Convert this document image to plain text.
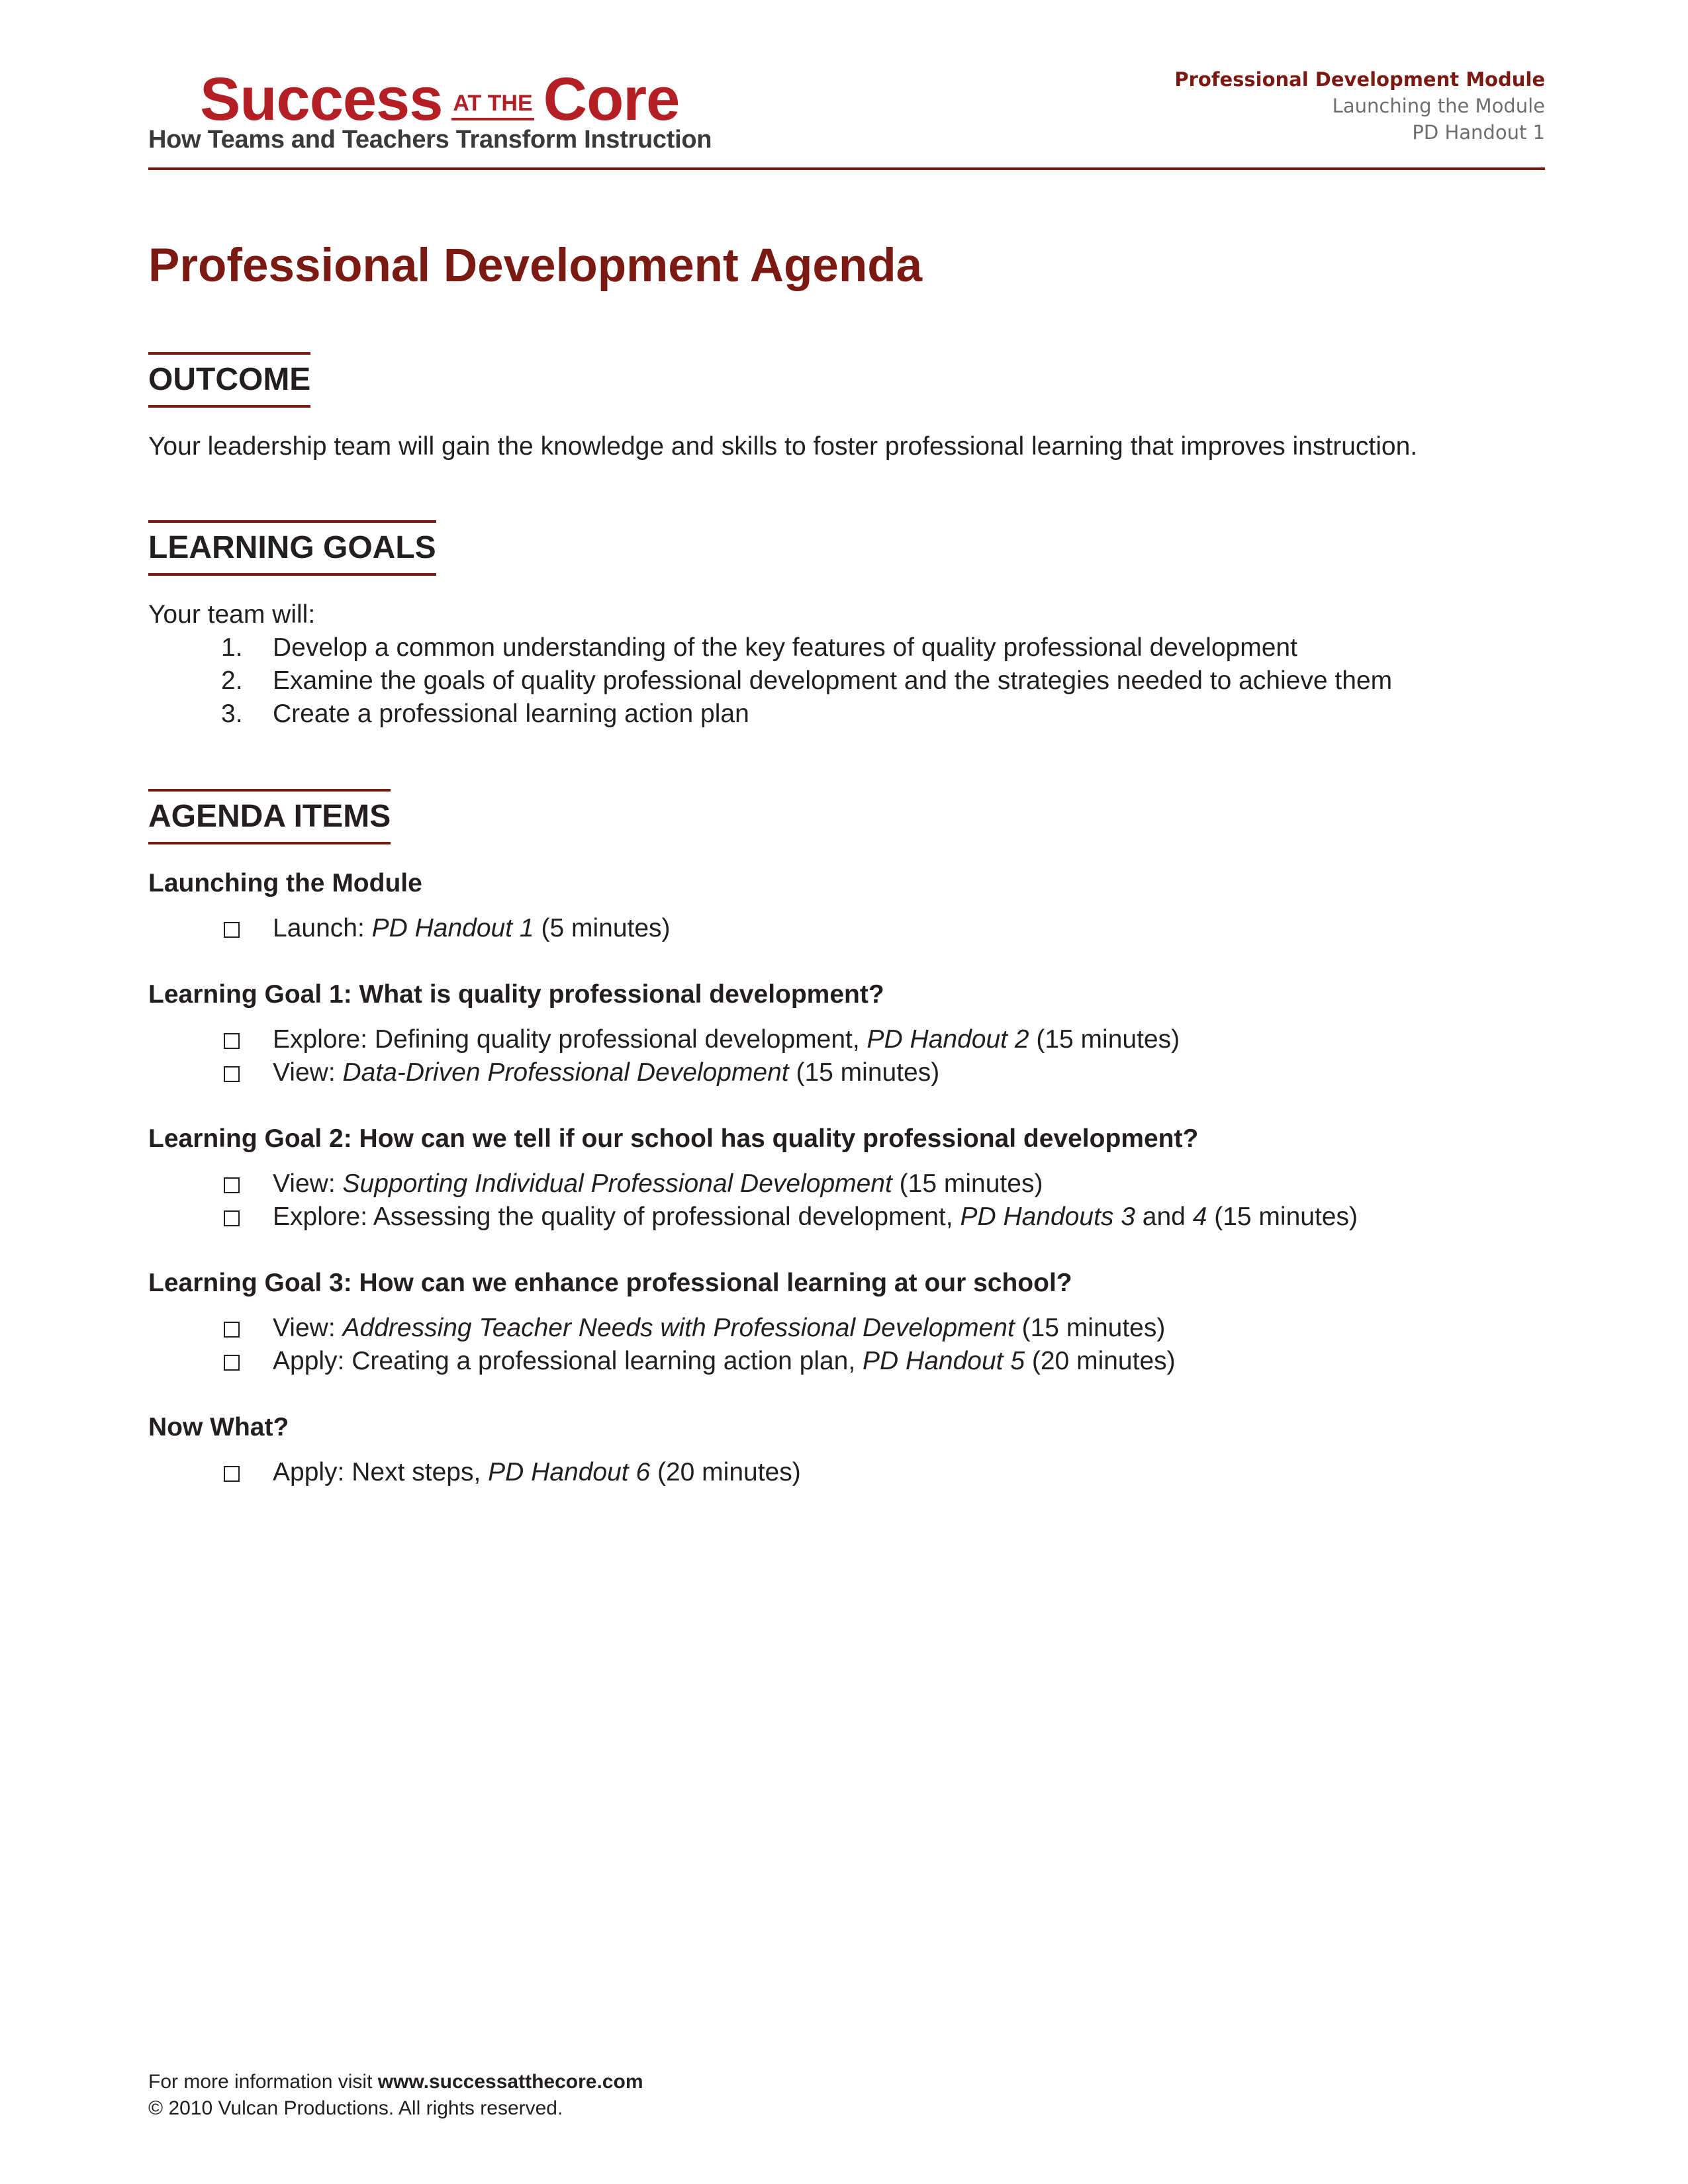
Success AT THE Core
How Teams and Teachers Transform Instruction
Professional Development Module
Launching the Module
PD Handout 1
Professional Development Agenda
OUTCOME
Your leadership team will gain the knowledge and skills to foster professional learning that improves instruction.
LEARNING GOALS
Your team will:
1.	Develop a common understanding of the key features of quality professional development
2.	Examine the goals of quality professional development and the strategies needed to achieve them
3.	Create a professional learning action plan
AGENDA ITEMS
Launching the Module
Launch: PD Handout 1 (5 minutes)
Learning Goal 1: What is quality professional development?
Explore: Defining quality professional development, PD Handout 2 (15 minutes)
View: Data-Driven Professional Development (15 minutes)
Learning Goal 2: How can we tell if our school has quality professional development?
View: Supporting Individual Professional Development (15 minutes)
Explore: Assessing the quality of professional development, PD Handouts 3 and 4 (15 minutes)
Learning Goal 3: How can we enhance professional learning at our school?
View: Addressing Teacher Needs with Professional Development (15 minutes)
Apply: Creating a professional learning action plan, PD Handout 5 (20 minutes)
Now What?
Apply: Next steps, PD Handout 6 (20 minutes)
For more information visit www.successatthecore.com
© 2010 Vulcan Productions. All rights reserved.
